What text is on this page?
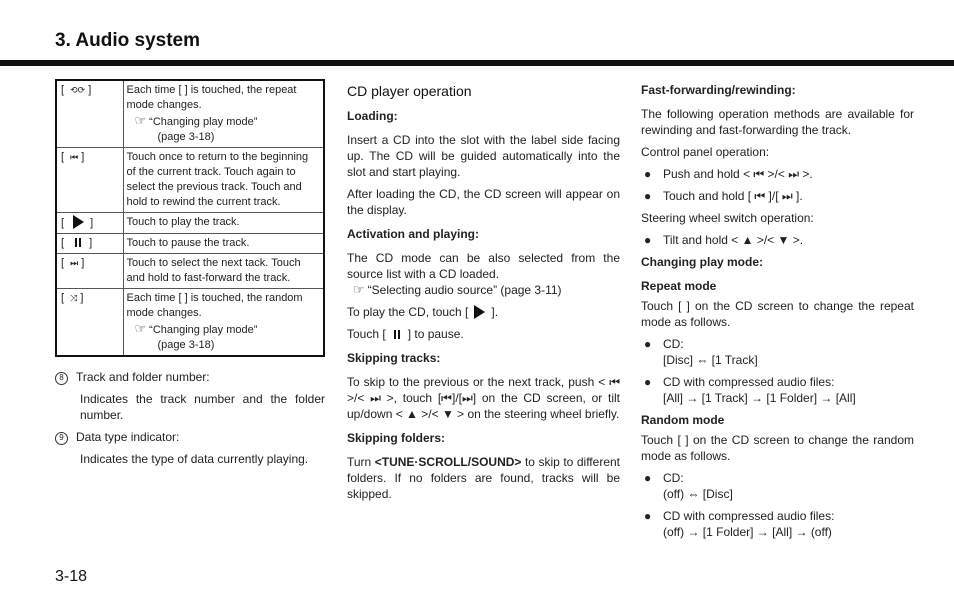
3. Audio system
[ ⟲⟳ ]	Each time [ ] is touched, the repeat mode changes.
☞ “Changing play mode”
(page 3-18)

[ ⏮ ]	Touch once to return to the beginning of the current track. Touch again to select the previous track. Touch and hold to rewind the current track.
[ ]	Touch to play the track.
[ ]	Touch to pause the track.
[ ⏭ ]	Touch to select the next tack. Touch and hold to fast-forward the track.
[ ⤨ ]	Each time [ ] is touched, the random mode changes.
☞ “Changing play mode”
(page 3-18)

8 Track and folder number:

Indicates the track number and the folder number.

9 Data type indicator:

Indicates the type of data currently playing.

CD player operation
Loading:

Insert a CD into the slot with the label side facing up. The CD will be guided automatically into the slot and start playing.

After loading the CD, the CD screen will appear on the display.

Activation and playing:

The CD mode can be also selected from the source list with a CD loaded.

☞ “Selecting audio source” (page 3-11)

To play the CD, touch [ ].

Touch [ ] to pause.

Skipping tracks:

To skip to the previous or the next track, push < ⏮ >/< ⏭ >, touch [⏮]/[⏭] on the CD screen, or tilt up/down < ▲ >/< ▼ > on the steering wheel briefly.

Skipping folders:

Turn <TUNE·SCROLL/SOUND> to skip to different folders. If no folders are found, tracks will be skipped.

Fast-forwarding/rewinding:

The following operation methods are available for rewinding and fast-forwarding the track.

Control panel operation:

● Push and hold < ⏮ >/< ⏭ >.
● Touch and hold [ ⏮ ]/[ ⏭ ].

Steering wheel switch operation:

● Tilt and hold < ▲ >/< ▼ >.
Changing play mode:
Repeat mode

Touch [ ] on the CD screen to change the repeat mode as follows.

● CD:
[Disc] ⇔ [1 Track]
● CD with compressed audio files:
[All] → [1 Track] → [1 Folder] → [All]
Random mode

Touch [ ] on the CD screen to change the random mode as follows.

● CD:
(off) ⇔ [Disc]
● CD with compressed audio files:
(off) → [1 Folder] → [All] → (off)
3-18
